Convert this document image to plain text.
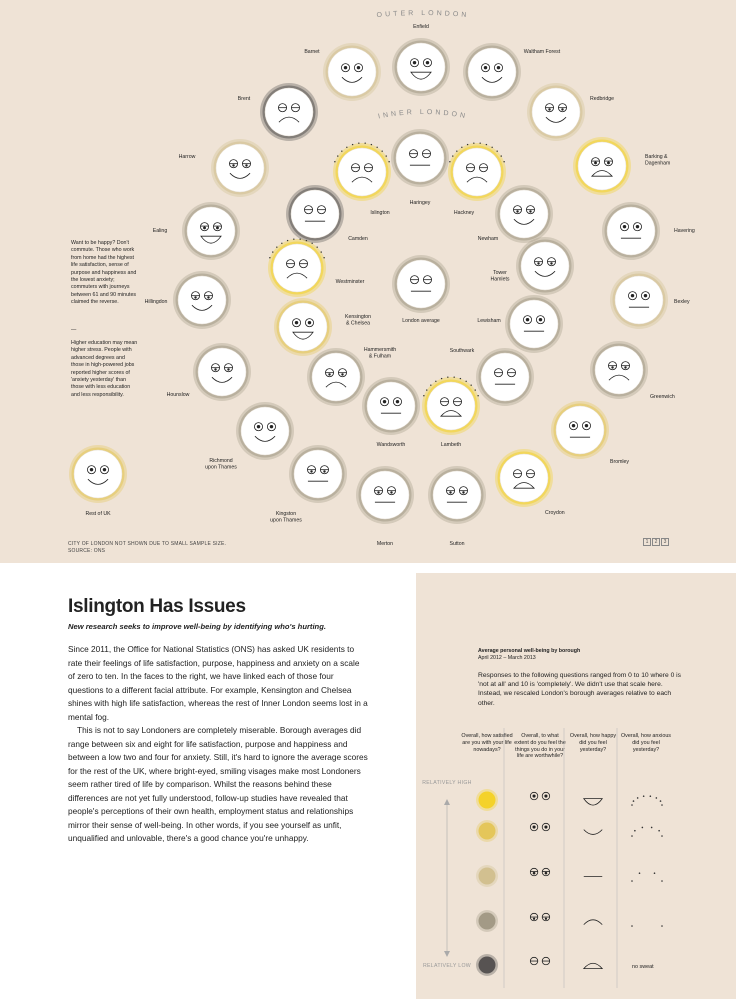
OUTER LONDON
INNER LONDON
Enfield
Barnet	Waltham Forest
Brent	Redbridge
Harrow	Barking &
Dagenham
Ealing	Havering
Hillingdon	Bexley
Hounslow	Greenwich
Richmond
upon Thames
Bromley
Kingston
upon Thames
Croydon
Merton	Sutton
Rest of UK
Haringey
Islington	Hackney
Camden	Newham
Westminster
London average
Tower
Hamlets
Kensington
& Chelsea	Lewisham
Hammersmith
& Fulham
Southwark
Wandsworth	Lambeth
Want to be happy? Don't commute. Those who work from home had the highest life satisfaction, sense of purpose and happiness and the lowest anxiety; commuters with journeys between 61 and 90 minutes claimed the reverse.
—
Higher education may mean higher stress. People with advanced degrees and those in high-powered jobs reported higher scores of 'anxiety yesterday' than those with less education and less responsibility.
CITY OF LONDON NOT SHOWN DUE TO SMALL SAMPLE SIZE.
SOURCE: ONS
1	2	3
Islington Has Issues

New research seeks to improve well-being by identifying who's hurting.

Since 2011, the Office for National Statistics (ONS) has asked UK residents to rate their feelings of life satisfaction, purpose, happiness and anxiety on a scale of zero to ten. In the faces to the right, we have linked each of those four questions to a different facial attribute. For example, Kensington and Chelsea shines with high life satisfaction, whereas the rest of Inner London seems lost in a mental fog.

This is not to say Londoners are completely miserable. Borough averages did range between six and eight for life satisfaction, purpose and happiness and between a low two and four for anxiety. Still, it's hard to ignore the average scores for the rest of the UK, where bright-eyed, smiling visages make most Londoners seem rather tired of life by comparison. Whilst the reasons behind these differences are not yet fully understood, follow-up studies have revealed that people's perceptions of their own health, employment status and relationships mirror their sense of well-being. In other words, if you see yourself as unfit, unqualified and unlovable, there's a good chance you're unhappy.

Average personal well-being by borough
April 2012 – March 2013
Responses to the following questions ranged from 0 to 10 where 0 is 'not at all' and 10 is 'completely'. We didn't use that scale here. Instead, we rescaled London's borough averages relative to each other.
Overall, how satisfied are you with your life nowadays?
Overall, to what extent do you feel the things you do in your life are worthwhile?
Overall, how happy did you feel yesterday?
Overall, how anxious did you feel yesterday?
RELATIVELY HIGH
RELATIVELY LOW	no sweat
